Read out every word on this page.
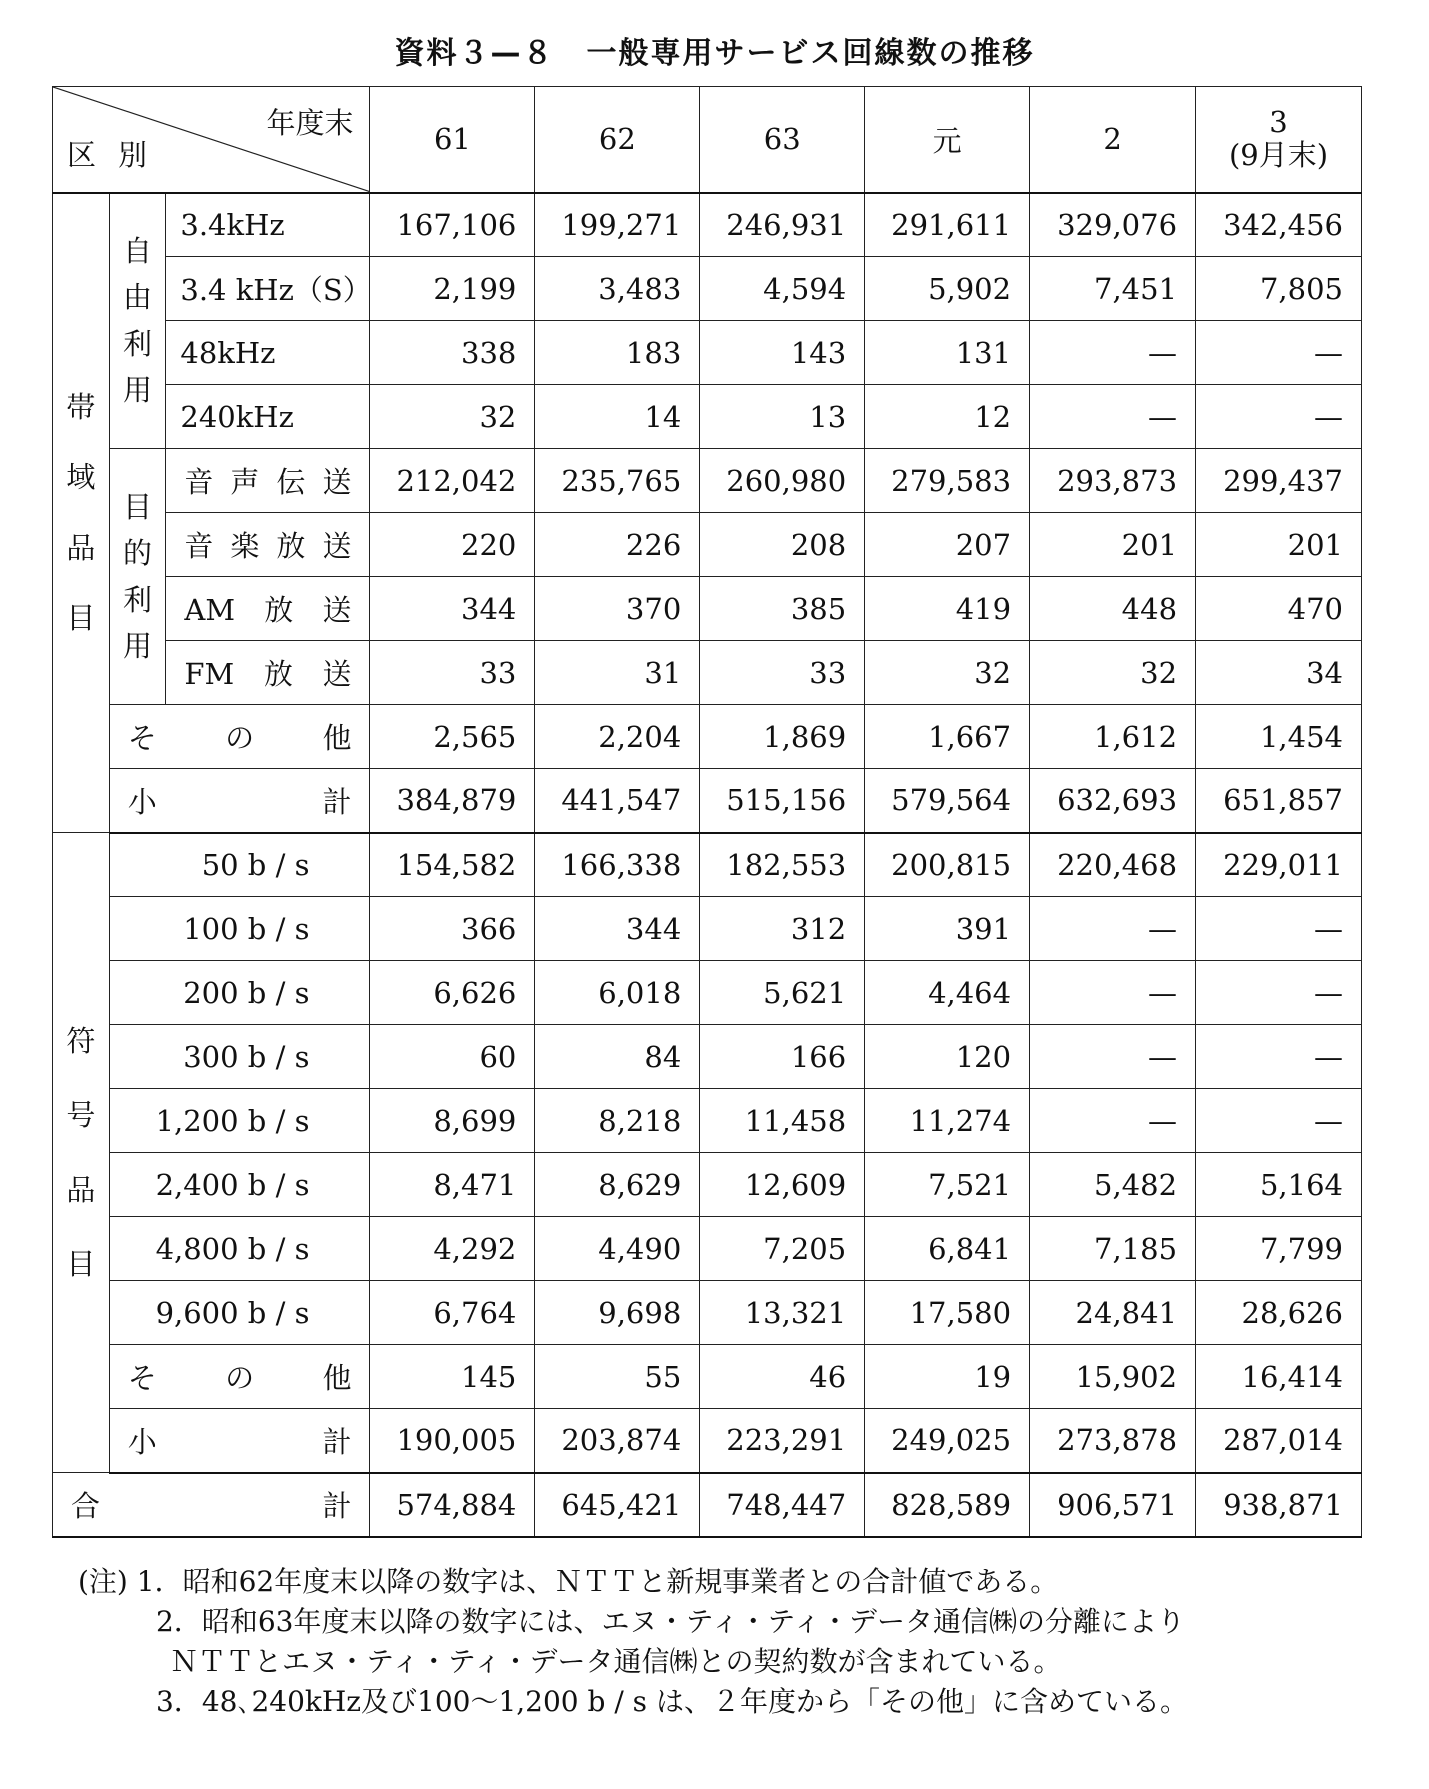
資料３—８　一般専用サービス回線数の推移
年度末
区別			61	62	63	元	2	3
(9月末)

帯
域
品
目	自
由
利
用	3.4kHz	167,106	199,271	246,931	291,611	329,076	342,456
		3.4 kHz（S）	2,199	3,483	4,594	5,902	7,451	7,805
		48kHz	338	183	143	131	—	—
		240kHz	32	14	13	12	—	—

	目
的
利
用	音声伝送	212,042	235,765	260,980	279,583	293,873	299,437
		音楽放送	220	226	208	207	201	201
		AM放送	344	370	385	419	448	470
		FM放送	33	31	33	32	32	34
	その他		2,565	2,204	1,869	1,667	1,612	1,454
	小計		384,879	441,547	515,156	579,564	632,693	651,857

符
号
品
目	50 b / s		154,582	166,338	182,553	200,815	220,468	229,011
	100 b / s		366	344	312	391	—	—
	200 b / s		6,626	6,018	5,621	4,464	—	—
	300 b / s		60	84	166	120	—	—
	1,200 b / s		8,699	8,218	11,458	11,274	—	—
	2,400 b / s		8,471	8,629	12,609	7,521	5,482	5,164
	4,800 b / s		4,292	4,490	7,205	6,841	7,185	7,799
	9,600 b / s		6,764	9,698	13,321	17,580	24,841	28,626
	その他		145	55	46	19	15,902	16,414
	小計		190,005	203,874	223,291	249,025	273,878	287,014
合計			574,884	645,421	748,447	828,589	906,571	938,871
(注) 1．昭和62年度末以降の数字は、ＮＴＴと新規事業者との合計値である。
2．昭和63年度末以降の数字には、エヌ・ティ・ティ・データ通信㈱の分離により
ＮＴＴとエヌ・ティ・ティ・データ通信㈱との契約数が含まれている。
3．48､240kHz及び100～1,200 b / s は、２年度から「その他」に含めている。
